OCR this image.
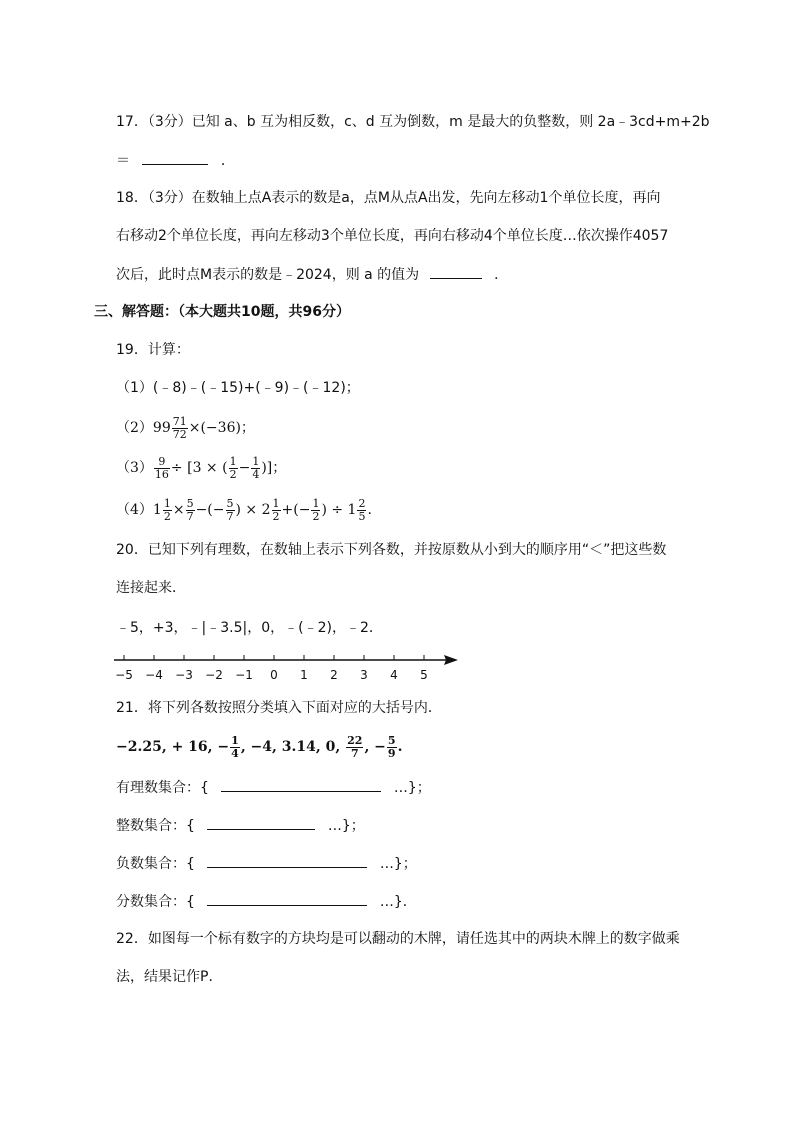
17．（3分）已知 a、b 互为相反数，c、d 互为倒数，m 是最大的负整数，则 2a﹣3cd+m+2b
＝	．
18．（3分）在数轴上点A表示的数是a，点M从点A出发，先向左移动1个单位长度，再向
右移动2个单位长度，再向左移动3个单位长度，再向右移动4个单位长度…依次操作4057
次后，此时点M表示的数是﹣2024，则 a 的值为	．
三、解答题：（本大题共10题，共96分）
19．计算：
（1）(﹣8)﹣(﹣15)+(﹣9)﹣(﹣12)；
$(2)99 \frac{71}{72} \times(-36)$；
$(3) \frac{9}{16} \div [3$ × ( $\frac{1}{2} - \frac{1}{4}$ )]；
$(4)1 \frac{1}{2} \times \frac{5}{7}$ −(− $\frac{5}{7}$ ) × $2 \frac{1}{2}$ +(− $\frac{1}{2}$ ) ÷ $1 \frac{2}{5}$ .
20．已知下列有理数，在数轴上表示下列各数，并按原数从小到大的顺序用“＜”把这些数
连接起来．
﹣5，+3，﹣|﹣3.5|，0，﹣(﹣2)，﹣2．
−5 −4 −3 −2 −1 0 1 2 3 4 5
21．将下列各数按照分类填入下面对应的大括号内．
−2.25, + 16, − $\frac{1}{4}$ , −4, 3.14, 0, $\frac{22}{7}$ , − $\frac{5}{9}$ .
有理数集合：{	…}；
整数集合：{	…}；
负数集合：{	…}；
分数集合：{	…}．
22．如图每一个标有数字的方块均是可以翻动的木牌，请任选其中的两块木牌上的数字做乘
法，结果记作P．
